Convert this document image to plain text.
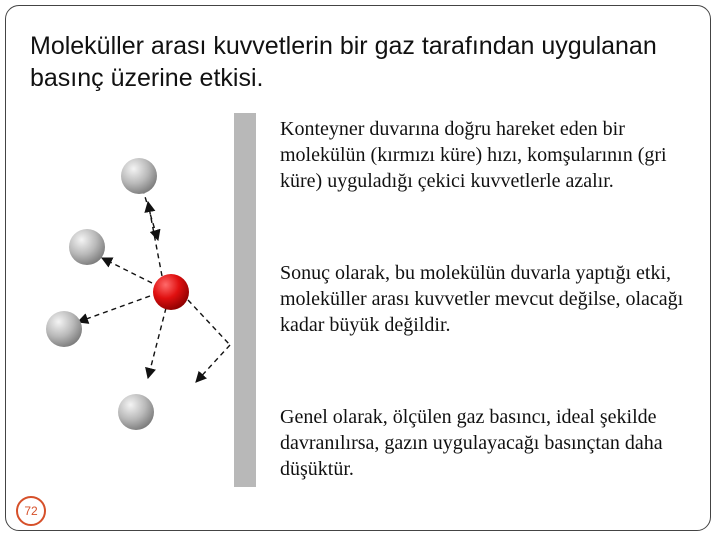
Moleküller arası kuvvetlerin bir gaz tarafından uygulanan basınç üzerine etkisi.

Konteyner duvarına doğru hareket eden bir molekülün (kırmızı küre) hızı, komşularının (gri küre) uyguladığı çekici kuvvetlerle azalır.

Sonuç olarak, bu molekülün duvarla yaptığı etki, moleküller arası kuvvetler mevcut değilse, olacağı kadar büyük değildir.

Genel olarak, ölçülen gaz basıncı, ideal şekilde davranılırsa, gazın uygulayacağı basınçtan daha düşüktür.

72
